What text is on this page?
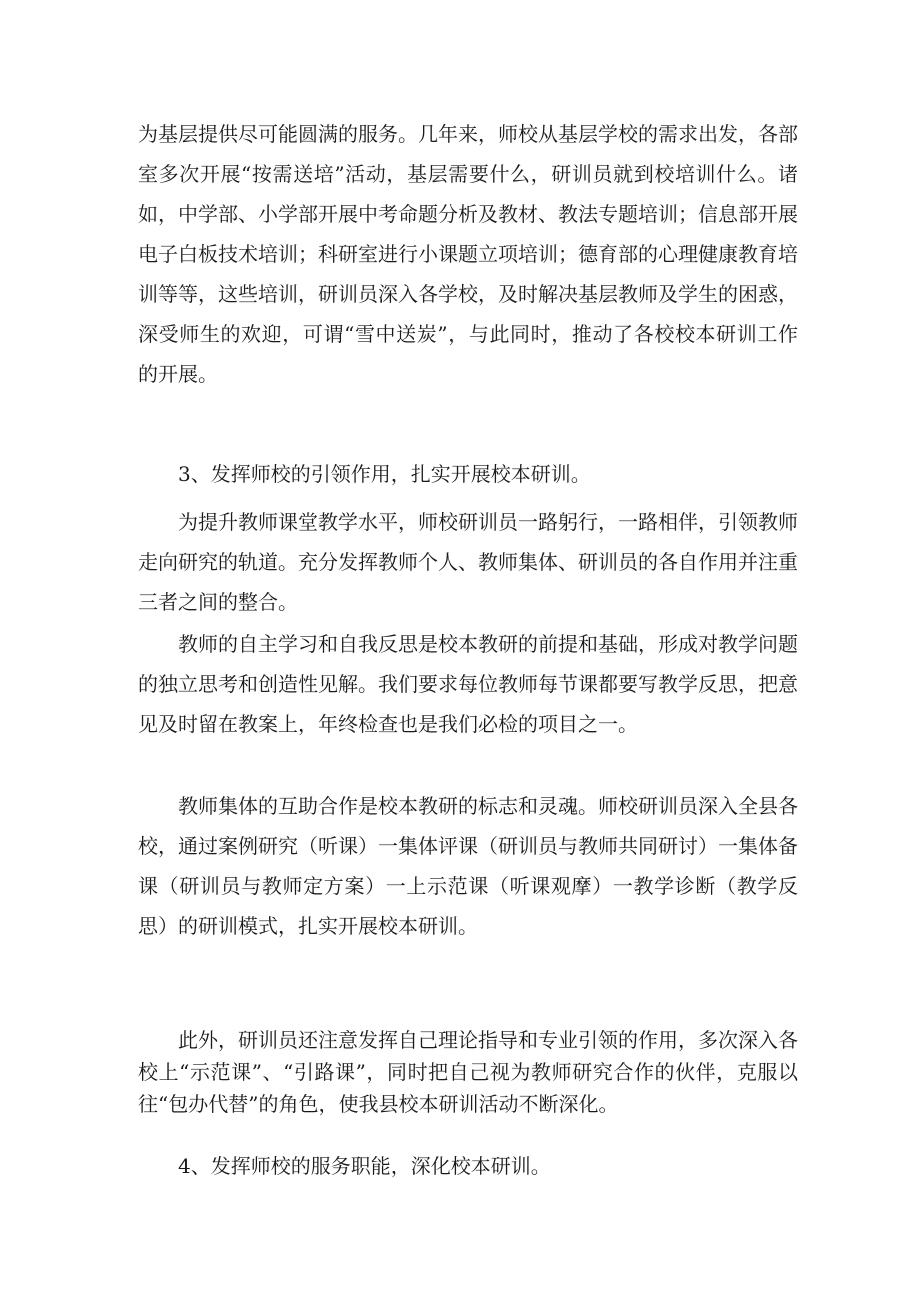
为基层提供尽可能圆满的服务。几年来，师校从基层学校的需求出发，各部室多次开展“按需送培”活动，基层需要什么，研训员就到校培训什么。诸如，中学部、小学部开展中考命题分析及教材、教法专题培训；信息部开展电子白板技术培训；科研室进行小课题立项培训；德育部的心理健康教育培训等等，这些培训，研训员深入各学校，及时解决基层教师及学生的困惑，深受师生的欢迎，可谓“雪中送炭”，与此同时，推动了各校校本研训工作的开展。

3、发挥师校的引领作用，扎实开展校本研训。

为提升教师课堂教学水平，师校研训员一路躬行，一路相伴，引领教师走向研究的轨道。充分发挥教师个人、教师集体、研训员的各自作用并注重三者之间的整合。

教师的自主学习和自我反思是校本教研的前提和基础，形成对教学问题的独立思考和创造性见解。我们要求每位教师每节课都要写教学反思，把意见及时留在教案上，年终检查也是我们必检的项目之一。

教师集体的互助合作是校本教研的标志和灵魂。师校研训员深入全县各校，通过案例研究（听课）一集体评课（研训员与教师共同研讨）一集体备课（研训员与教师定方案）一上示范课（听课观摩）一教学诊断（教学反思）的研训模式，扎实开展校本研训。

此外，研训员还注意发挥自己理论指导和专业引领的作用，多次深入各校上“示范课”、“引路课”，同时把自己视为教师研究合作的伙伴，克服以往“包办代替”的角色，使我县校本研训活动不断深化。

4、发挥师校的服务职能，深化校本研训。
